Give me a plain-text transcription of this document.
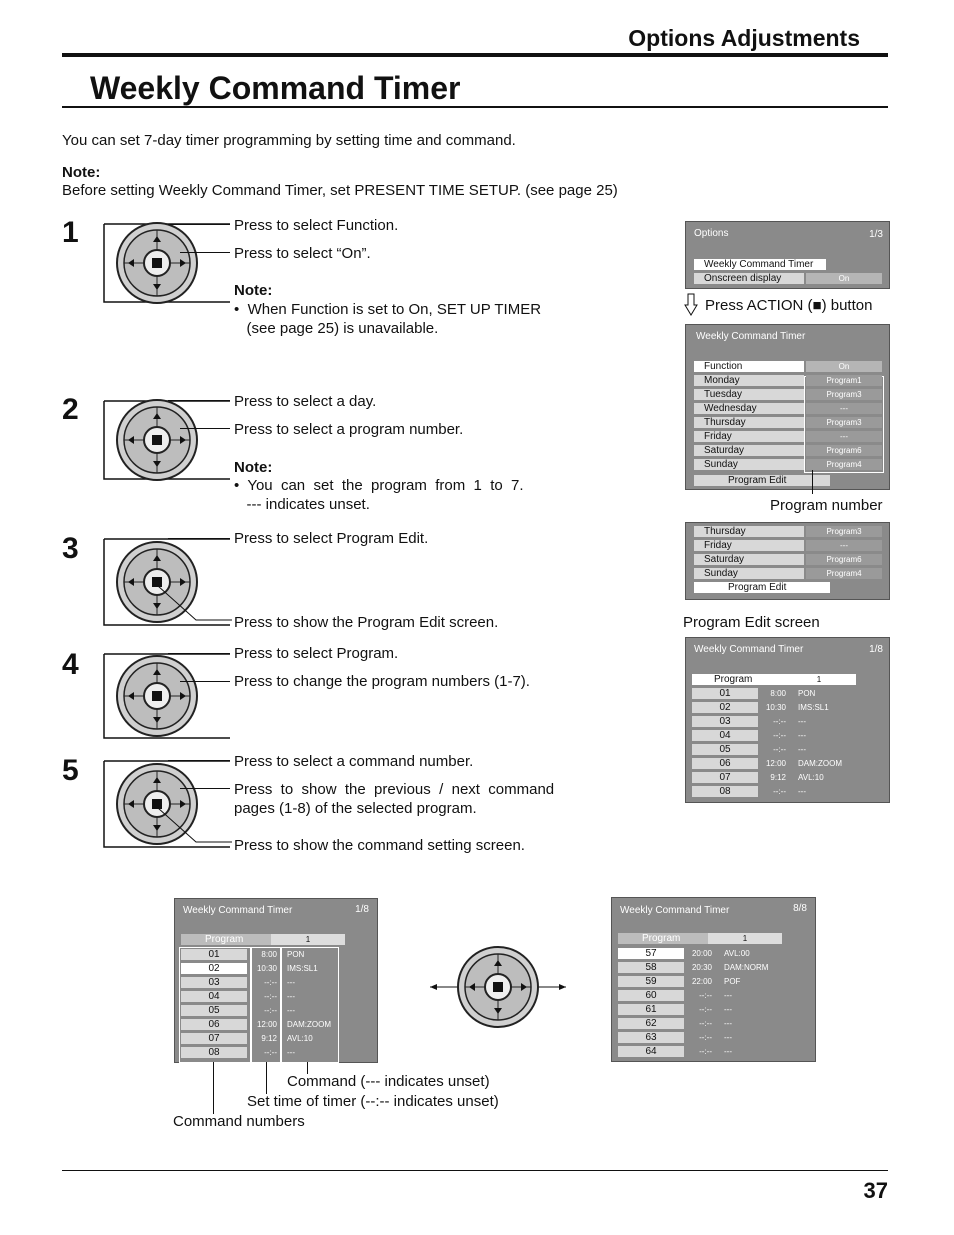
Options Adjustments
Weekly Command Timer
You can set 7-day timer programming by setting time and command.
Note:
Before setting Weekly Command Timer, set PRESENT TIME SETUP. (see page 25)
1	Press to select Function.
Press to select “On”.
Note:
•  When Function is set to On, SET UP TIMER
(see page 25) is unavailable.
2	Press to select a day.
Press to select a program number.
Note:
•  You  can  set  the  program  from  1  to  7.
--- indicates unset.
3	Press to select Program Edit.
Press to show the Program Edit screen.
4	Press to select Program.
Press to change the program numbers (1-7).
5	Press to select a command number.
Press  to  show  the  previous  /  next  command
pages (1-8) of the selected program.
Press to show the command setting screen.
Options	1/3
Weekly Command Timer
Onscreen display	On
Press ACTION (■) button
Weekly Command Timer
Program Edit
Function	On
Monday	Program1
Tuesday	Program3
Wednesday	---
Thursday	Program3
Friday	---
Saturday	Program6
Sunday	Program4
Program number
Program Edit
Thursday	Program3
Friday	---
Saturday	Program6
Sunday	Program4
Program Edit screen
Weekly Command Timer	1/8
Program	1
01	8:00 PON
02	10:30 IMS:SL1
03	--:-- ---
04	--:-- ---
05	--:-- ---
06	12:00 DAM:ZOOM
07	9:12 AVL:10
08	--:-- ---
Weekly Command Timer	1/8
Program	1
01	8:00 PON
02	10:30 IMS:SL1
03	--:-- ---
04	--:-- ---
05	--:-- ---
06	12:00 DAM:ZOOM
07	9:12 AVL:10
08	--:-- ---
Weekly Command Timer	8/8
Program	1
57	20:00 AVL:00
58	20:30 DAM:NORM
59	22:00 POF
60	--:-- ---
61	--:-- ---
62	--:-- ---
63	--:-- ---
64	--:-- ---
Command (--- indicates unset)
Set time of timer (--:-- indicates unset)
Command numbers
37
